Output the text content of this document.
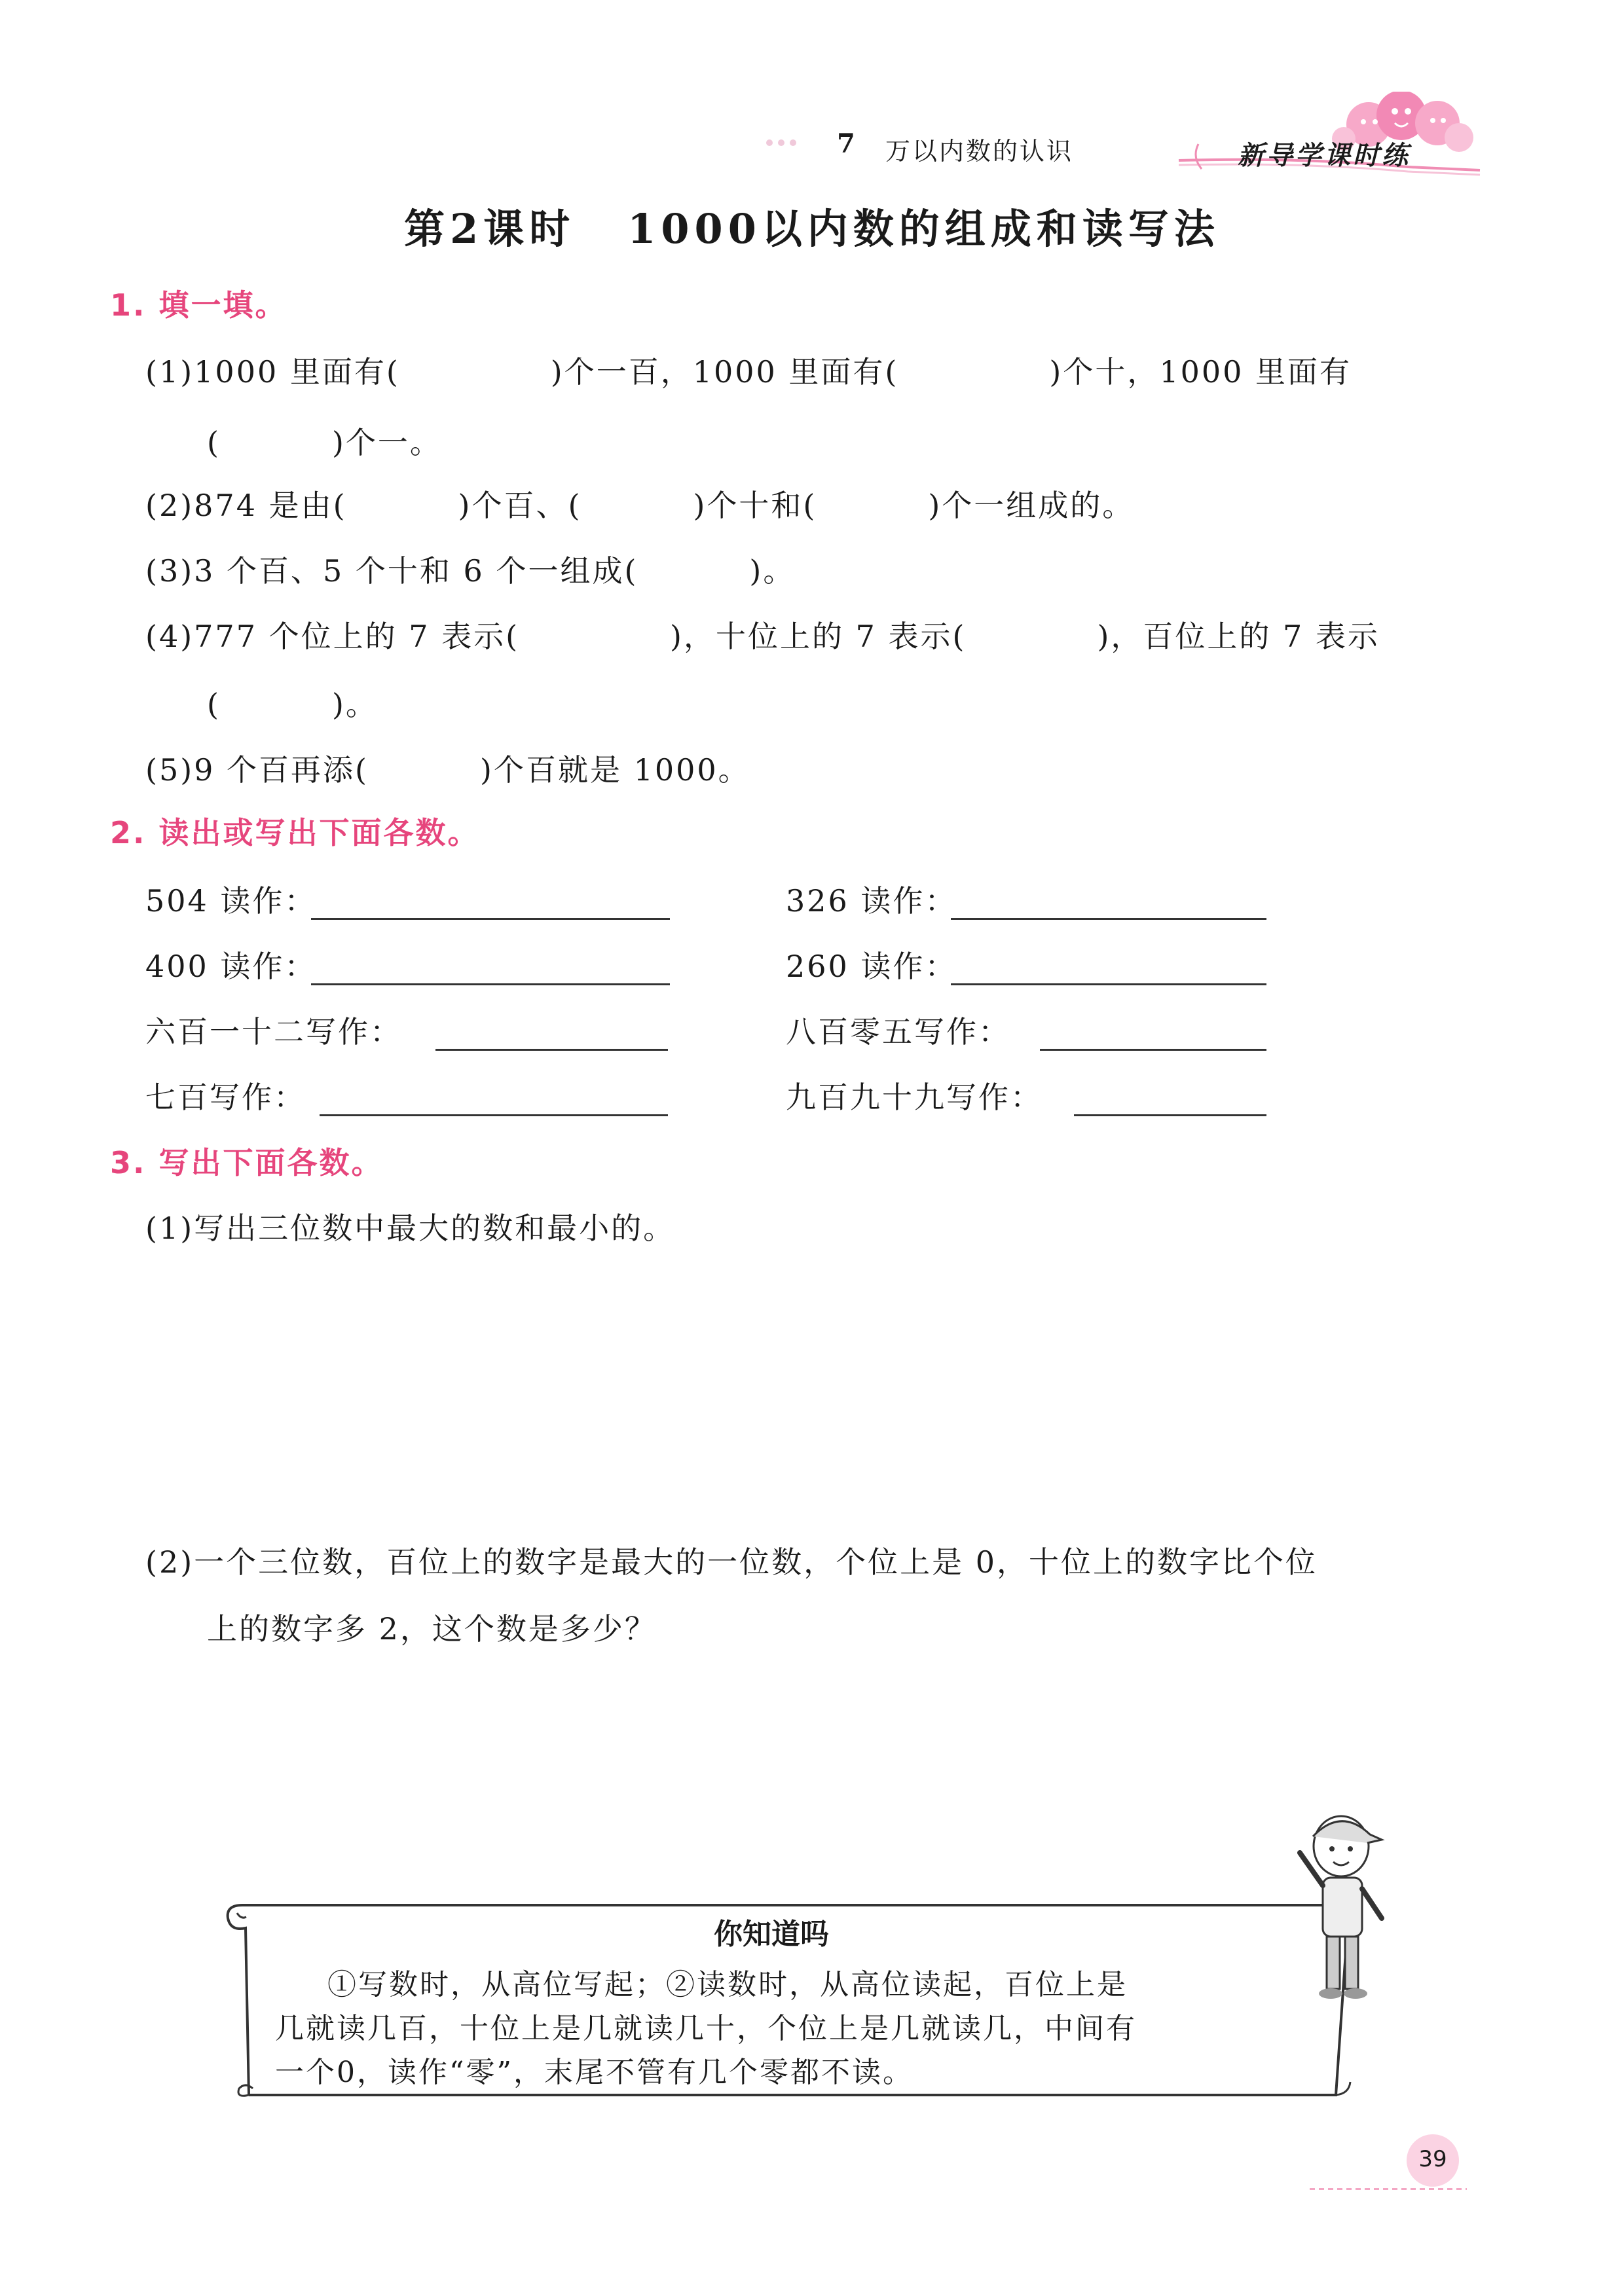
7 万以内数的认识	新导学课时练
第2课时 1000以内数的组成和读写法
1. 填一填。
(1)1000 里面有(	)个一百，1000 里面有(	)个十，1000 里面有
(	)个一。
(2)874 是由(	)个百、(	)个十和(	)个一组成的。
(3)3 个百、5 个十和 6 个一组成(	)。
(4)777 个位上的 7 表示(	)，十位上的 7 表示(	)，百位上的 7 表示
(	)。
(5)9 个百再添(	)个百就是 1000。
2. 读出或写出下面各数。
504 读作：	326 读作：
400 读作：	260 读作：
六百一十二写作：	八百零五写作：
七百写作：	九百九十九写作：
3. 写出下面各数。
(1)写出三位数中最大的数和最小的。
(2)一个三位数，百位上的数字是最大的一位数，个位上是 0，十位上的数字比个位
上的数字多 2，这个数是多少？
你知道吗
①写数时，从高位写起；②读数时，从高位读起，百位上是
几就读几百，十位上是几就读几十，个位上是几就读几，中间有
一个0，读作“零”，末尾不管有几个零都不读。
39
